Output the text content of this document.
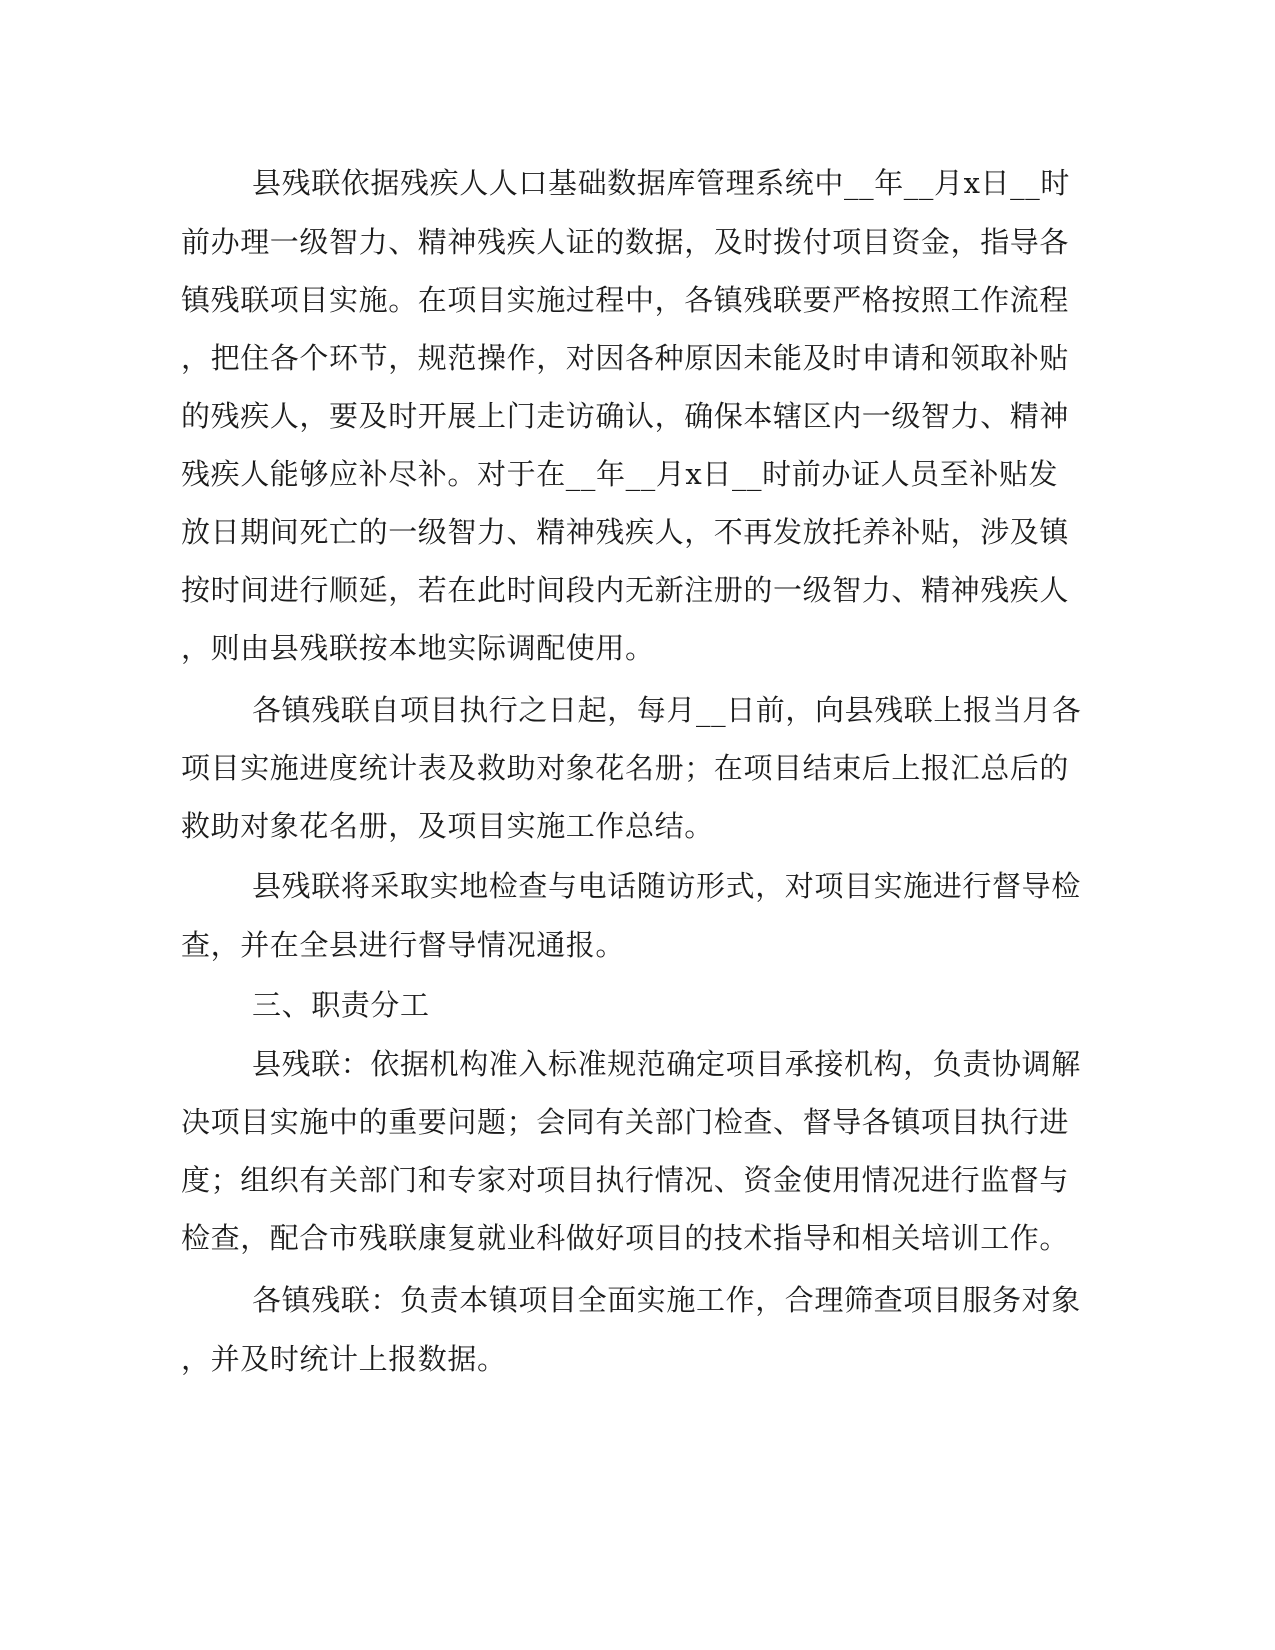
县残联依据残疾人人口基础数据库管理系统中__年__月x日__时
前办理一级智力、精神残疾人证的数据，及时拨付项目资金，指导各
镇残联项目实施。在项目实施过程中，各镇残联要严格按照工作流程
，把住各个环节，规范操作，对因各种原因未能及时申请和领取补贴
的残疾人，要及时开展上门走访确认，确保本辖区内一级智力、精神
残疾人能够应补尽补。对于在__年__月x日__时前办证人员至补贴发
放日期间死亡的一级智力、精神残疾人，不再发放托养补贴，涉及镇
按时间进行顺延，若在此时间段内无新注册的一级智力、精神残疾人
，则由县残联按本地实际调配使用。
各镇残联自项目执行之日起，每月__日前，向县残联上报当月各
项目实施进度统计表及救助对象花名册；在项目结束后上报汇总后的
救助对象花名册，及项目实施工作总结。
县残联将采取实地检查与电话随访形式，对项目实施进行督导检
查，并在全县进行督导情况通报。
三、职责分工
县残联：依据机构准入标准规范确定项目承接机构，负责协调解
决项目实施中的重要问题；会同有关部门检查、督导各镇项目执行进
度；组织有关部门和专家对项目执行情况、资金使用情况进行监督与
检查，配合市残联康复就业科做好项目的技术指导和相关培训工作。
各镇残联：负责本镇项目全面实施工作，合理筛查项目服务对象
，并及时统计上报数据。
